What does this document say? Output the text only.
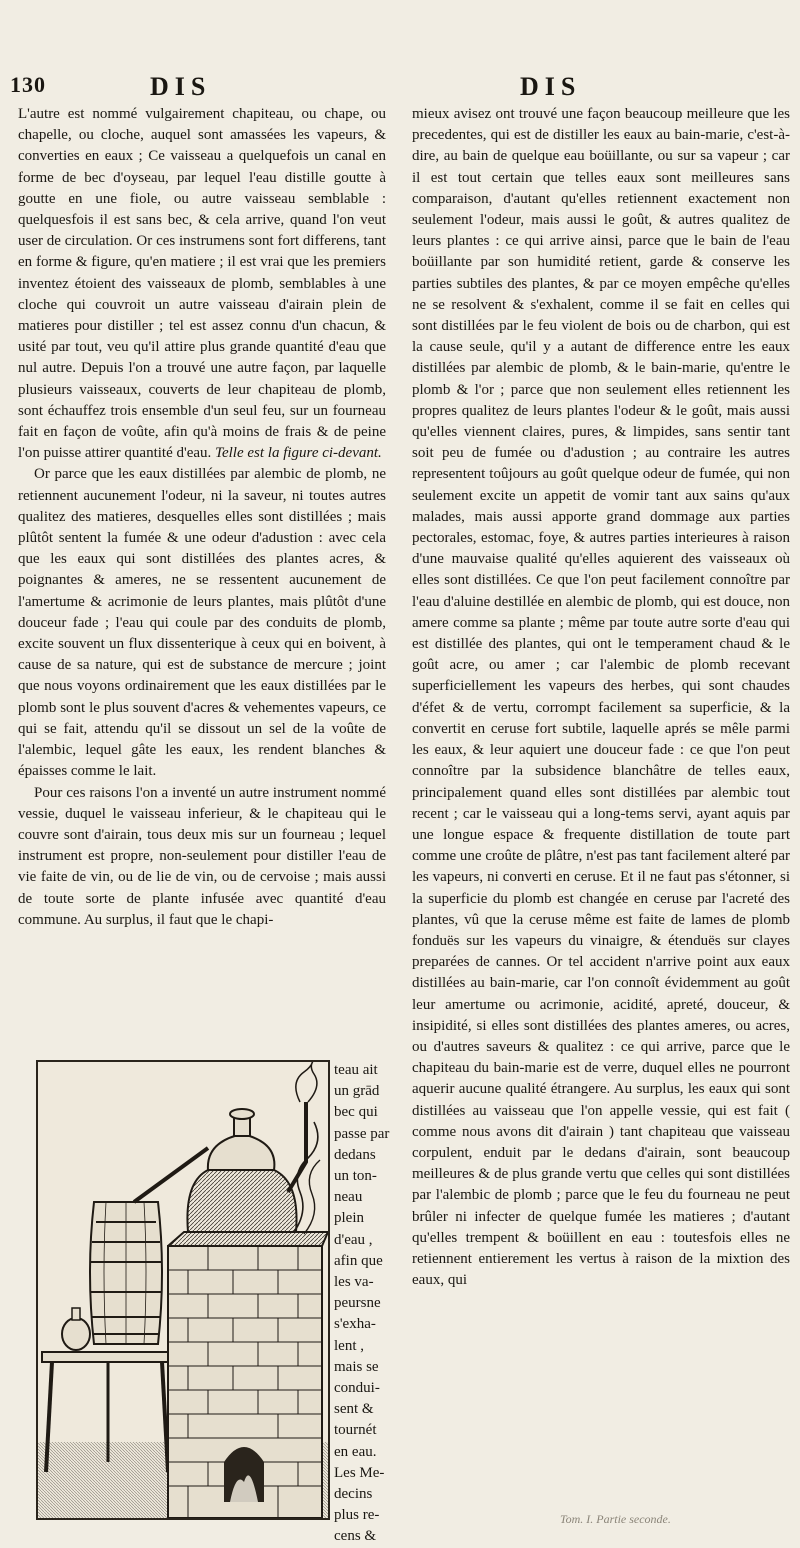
130	DIS	DIS

L'autre est nommé vulgairement chapiteau, ou chape, ou chapelle, ou cloche, auquel sont amassées les vapeurs, & converties en eaux ; Ce vaisseau a quelquefois un canal en forme de bec d'oyseau, par lequel l'eau distille goutte à goutte en une fiole, ou autre vaisseau semblable : quelquesfois il est sans bec, & cela arrive, quand l'on veut user de circulation. Or ces instrumens sont fort differens, tant en forme & figure, qu'en matiere ; il est vrai que les premiers inventez étoient des vaisseaux de plomb, semblables à une cloche qui couvroit un autre vaisseau d'airain plein de matieres pour distiller ; tel est assez connu d'un chacun, & usité par tout, veu qu'il attire plus grande quantité d'eau que nul autre. Depuis l'on a trouvé une autre façon, par laquelle plusieurs vaisseaux, couverts de leur chapiteau de plomb, sont échauffez trois ensemble d'un seul feu, sur un fourneau fait en façon de voûte, afin qu'à moins de frais & de peine l'on puisse attirer quantité d'eau. Telle est la figure ci-devant.

Or parce que les eaux distillées par alembic de plomb, ne retiennent aucunement l'odeur, ni la saveur, ni toutes autres qualitez des matieres, desquelles elles sont distillées ; mais plûtôt sentent la fumée & une odeur d'adustion : avec cela que les eaux qui sont distillées des plantes acres, & poignantes & ameres, ne se ressentent aucunement de l'amertume & acrimonie de leurs plantes, mais plûtôt d'une douceur fade ; l'eau qui coule par des conduits de plomb, excite souvent un flux dissenterique à ceux qui en boivent, à cause de sa nature, qui est de substance de mercure ; joint que nous voyons ordinairement que les eaux distillées par le plomb sont le plus souvent d'acres & vehementes vapeurs, ce qui se fait, attendu qu'il se dissout un sel de la voûte de l'alembic, lequel gâte les eaux, les rendent blanches & épaisses comme le lait.

Pour ces raisons l'on a inventé un autre instrument nommé vessie, duquel le vaisseau inferieur, & le chapiteau qui le couvre sont d'airain, tous deux mis sur un fourneau ; lequel instrument est propre, non-seulement pour distiller l'eau de vie faite de vin, ou de lie de vin, ou de cervoise ; mais aussi de toute sorte de plante infusée avec quantité d'eau commune. Au surplus, il faut que le chapi-

mieux avisez ont trouvé une façon beaucoup meilleure que les precedentes, qui est de distiller les eaux au bain-marie, c'est-à-dire, au bain de quelque eau boüillante, ou sur sa vapeur ; car il est tout certain que telles eaux sont meilleures sans comparaison, d'autant qu'elles retiennent exactement non seulement l'odeur, mais aussi le goût, & autres qualitez de leurs plantes : ce qui arrive ainsi, parce que le bain de l'eau boüillante par son humidité retient, garde & conserve les parties subtiles des plantes, & par ce moyen empêche qu'elles ne se resolvent & s'exhalent, comme il se fait en celles qui sont distillées par le feu violent de bois ou de charbon, qui est la cause seule, qu'il y a autant de difference entre les eaux distillées par alembic de plomb, & le bain-marie, qu'entre le plomb & l'or ; parce que non seulement elles retiennent les propres qualitez de leurs plantes l'odeur & le goût, mais aussi qu'elles viennent claires, pures, & limpides, sans sentir tant soit peu de fumée ou d'adustion ; au contraire les autres representent toûjours au goût quelque odeur de fumée, qui non seulement excite un appetit de vomir tant aux sains qu'aux malades, mais aussi apporte grand dommage aux parties pectorales, estomac, foye, & autres parties interieures à raison d'une mauvaise qualité qu'elles aquierent des vaisseaux où elles sont distillées. Ce que l'on peut facilement connoître par l'eau d'aluine destillée en alembic de plomb, qui est douce, non amere comme sa plante ; même par toute autre sorte d'eau qui est distillée des plantes, qui ont le temperament chaud & le goût acre, ou amer ; car l'alembic de plomb recevant superficiellement les vapeurs des herbes, qui sont chaudes d'éfet & de vertu, corrompt facilement sa superficie, & la convertit en ceruse fort subtile, laquelle aprés se mêle parmi les eaux, & leur aquiert une douceur fade : ce que l'on peut connoître par la subsidence blanchâtre de telles eaux, principalement quand elles sont distillées par alembic tout recent ; car le vaisseau qui a long-tems servi, ayant aquis par une longue espace & frequente distillation de toute part comme une croûte de plâtre, n'est pas tant facilement alteré par les vapeurs, ni converti en ceruse. Et il ne faut pas s'étonner, si la superficie du plomb est changée en ceruse par l'acreté des plantes, vû que la ceruse même est faite de lames de plomb fonduës sur les vapeurs du vinaigre, & étenduës sur clayes preparées de cannes. Or tel accident n'arrive point aux eaux distillées au bain-marie, car l'on connoît évidemment au goût leur amertume ou acrimonie, acidité, apreté, douceur, & insipidité, si elles sont distillées des plantes ameres, ou acres, ou d'autres saveurs & qualitez : ce qui arrive, parce que le chapiteau du bain-marie est de verre, duquel elles ne pourront aquerir aucune qualité étrangere. Au surplus, les eaux qui sont distillées au vaisseau que l'on appelle vessie, qui est fait ( comme nous avons dit d'airain ) tant chapiteau que vaisseau corpulent, enduit par le dedans d'airain, sont beaucoup meilleures & de plus grande vertu que celles qui sont distillées par l'alembic de plomb ; parce que le feu du fourneau ne peut brûler ni infecter de quelque fumée les matieres ; d'autant qu'elles trempent & boüillent en eau : toutesfois elles ne retiennent entierement les vertus à raison de la mixtion des eaux, qui

teau ait
un grād
bec qui
passe par
dedans
un ton-
neau
plein
d'eau ,
afin que
les va-
peursne
s'exha-
lent ,
mais se
condui-
sent &
tournét
en eau.
Les Me-
decins
plus re-
cens &
Tom. I. Partie seconde.
